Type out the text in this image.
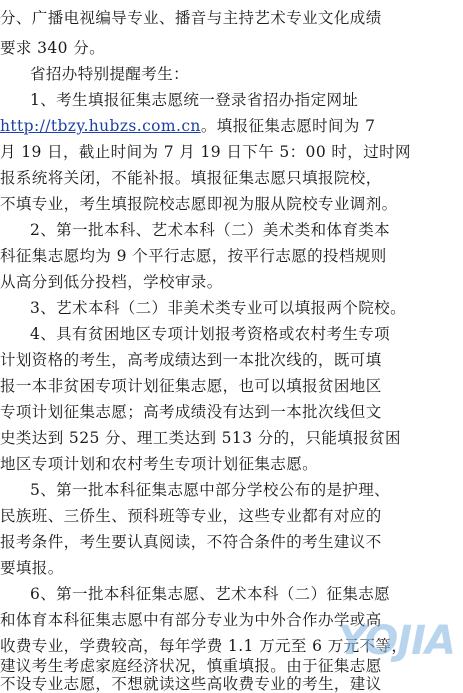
分、广播电视编导专业、播音与主持艺术专业文化成绩
要求 340 分。
省招办特别提醒考生：
1、考生填报征集志愿统一登录省招办指定网址
http://tbzy.hubzs.com.cn。填报征集志愿时间为 7
月 19 日，截止时间为 7 月 19 日下午 5：00 时，过时网
报系统将关闭，不能补报。填报征集志愿只填报院校，
不填专业，考生填报院校志愿即视为服从院校专业调剂。
2、第一批本科、艺术本科（二）美术类和体育类本
科征集志愿均为 9 个平行志愿，按平行志愿的投档规则
从高分到低分投档，学校审录。
3、艺术本科（二）非美术类专业可以填报两个院校。
4、具有贫困地区专项计划报考资格或农村考生专项
计划资格的考生，高考成绩达到一本批次线的，既可填
报一本非贫困专项计划征集志愿，也可以填报贫困地区
专项计划征集志愿；高考成绩没有达到一本批次线但文
史类达到 525 分、理工类达到 513 分的，只能填报贫困
地区专项计划和农村考生专项计划征集志愿。
5、第一批本科征集志愿中部分学校公布的是护理、
民族班、三侨生、预科班等专业，这些专业都有对应的
报考条件，考生要认真阅读，不符合条件的考生建议不
要填报。
6、第一批本科征集志愿、艺术本科（二）征集志愿
和体育本科征集志愿中有部分专业为中外合作办学或高
收费专业，学费较高，每年学费 1.1 万元至 6 万元不等，
建议考生考虑家庭经济状况，慎重填报。由于征集志愿
不设专业志愿，不想就读这些高收费专业的考生，建议
YOJIA
